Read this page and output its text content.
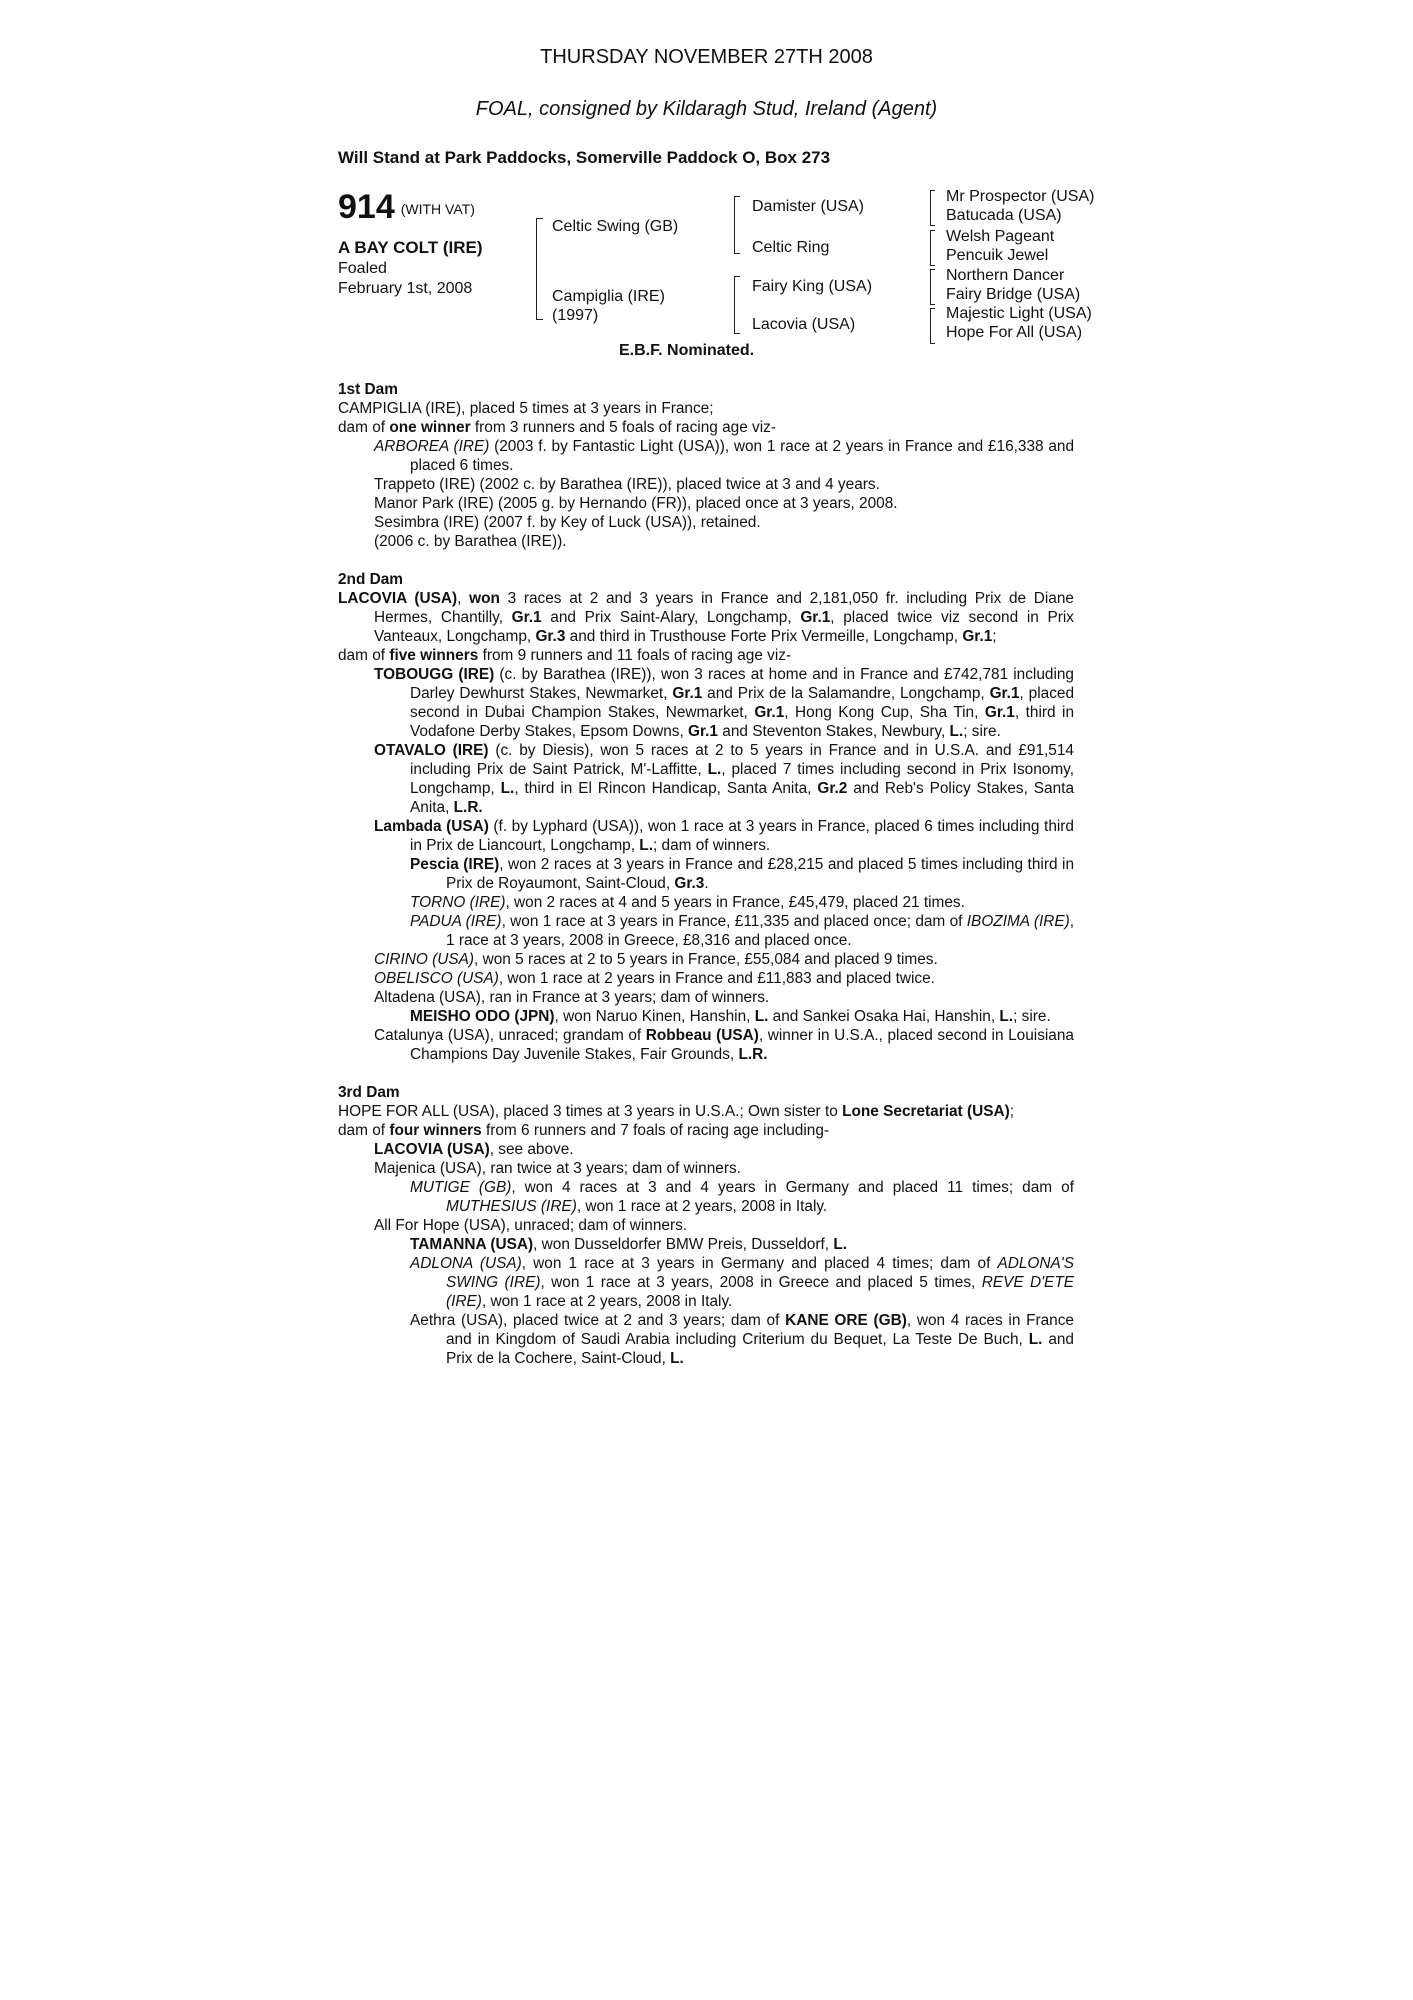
THURSDAY NOVEMBER 27TH 2008
FOAL, consigned by Kildaragh Stud, Ireland (Agent)
Will Stand at Park Paddocks, Somerville Paddock O, Box 273
914 (WITH VAT)
A BAY COLT (IRE)
Foaled
February 1st, 2008
Celtic Swing (GB)
Campiglia (IRE)
(1997)
Damister (USA)
Celtic Ring
Fairy King (USA)
Lacovia (USA)
Mr Prospector (USA)
Batucada (USA)
Welsh Pageant
Pencuik Jewel
Northern Dancer
Fairy Bridge (USA)
Majestic Light (USA)
Hope For All (USA)
E.B.F. Nominated.

1st Dam

CAMPIGLIA (IRE), placed 5 times at 3 years in France;

dam of one winner from 3 runners and 5 foals of racing age viz-

ARBOREA (IRE) (2003 f. by Fantastic Light (USA)), won 1 race at 2 years in France and £16,338 and placed 6 times.

Trappeto (IRE) (2002 c. by Barathea (IRE)), placed twice at 3 and 4 years.

Manor Park (IRE) (2005 g. by Hernando (FR)), placed once at 3 years, 2008.

Sesimbra (IRE) (2007 f. by Key of Luck (USA)), retained.

(2006 c. by Barathea (IRE)).

2nd Dam

LACOVIA (USA), won 3 races at 2 and 3 years in France and 2,181,050 fr. including Prix de Diane Hermes, Chantilly, Gr.1 and Prix Saint-Alary, Longchamp, Gr.1, placed twice viz second in Prix Vanteaux, Longchamp, Gr.3 and third in Trusthouse Forte Prix Vermeille, Longchamp, Gr.1;

dam of five winners from 9 runners and 11 foals of racing age viz-

TOBOUGG (IRE) (c. by Barathea (IRE)), won 3 races at home and in France and £742,781 including Darley Dewhurst Stakes, Newmarket, Gr.1 and Prix de la Salamandre, Longchamp, Gr.1, placed second in Dubai Champion Stakes, Newmarket, Gr.1, Hong Kong Cup, Sha Tin, Gr.1, third in Vodafone Derby Stakes, Epsom Downs, Gr.1 and Steventon Stakes, Newbury, L.; sire.

OTAVALO (IRE) (c. by Diesis), won 5 races at 2 to 5 years in France and in U.S.A. and £91,514 including Prix de Saint Patrick, M'-Laffitte, L., placed 7 times including second in Prix Isonomy, Longchamp, L., third in El Rincon Handicap, Santa Anita, Gr.2 and Reb's Policy Stakes, Santa Anita, L.R.

Lambada (USA) (f. by Lyphard (USA)), won 1 race at 3 years in France, placed 6 times including third in Prix de Liancourt, Longchamp, L.; dam of winners.

Pescia (IRE), won 2 races at 3 years in France and £28,215 and placed 5 times including third in Prix de Royaumont, Saint-Cloud, Gr.3.

TORNO (IRE), won 2 races at 4 and 5 years in France, £45,479, placed 21 times.

PADUA (IRE), won 1 race at 3 years in France, £11,335 and placed once; dam of IBOZIMA (IRE), 1 race at 3 years, 2008 in Greece, £8,316 and placed once.

CIRINO (USA), won 5 races at 2 to 5 years in France, £55,084 and placed 9 times.

OBELISCO (USA), won 1 race at 2 years in France and £11,883 and placed twice.

Altadena (USA), ran in France at 3 years; dam of winners.

MEISHO ODO (JPN), won Naruo Kinen, Hanshin, L. and Sankei Osaka Hai, Hanshin, L.; sire.

Catalunya (USA), unraced; grandam of Robbeau (USA), winner in U.S.A., placed second in Louisiana Champions Day Juvenile Stakes, Fair Grounds, L.R.

3rd Dam

HOPE FOR ALL (USA), placed 3 times at 3 years in U.S.A.; Own sister to Lone Secretariat (USA);

dam of four winners from 6 runners and 7 foals of racing age including-

LACOVIA (USA), see above.

Majenica (USA), ran twice at 3 years; dam of winners.

MUTIGE (GB), won 4 races at 3 and 4 years in Germany and placed 11 times; dam of MUTHESIUS (IRE), won 1 race at 2 years, 2008 in Italy.

All For Hope (USA), unraced; dam of winners.

TAMANNA (USA), won Dusseldorfer BMW Preis, Dusseldorf, L.

ADLONA (USA), won 1 race at 3 years in Germany and placed 4 times; dam of ADLONA'S SWING (IRE), won 1 race at 3 years, 2008 in Greece and placed 5 times, REVE D'ETE (IRE), won 1 race at 2 years, 2008 in Italy.

Aethra (USA), placed twice at 2 and 3 years; dam of KANE ORE (GB), won 4 races in France and in Kingdom of Saudi Arabia including Criterium du Bequet, La Teste De Buch, L. and Prix de la Cochere, Saint-Cloud, L.
